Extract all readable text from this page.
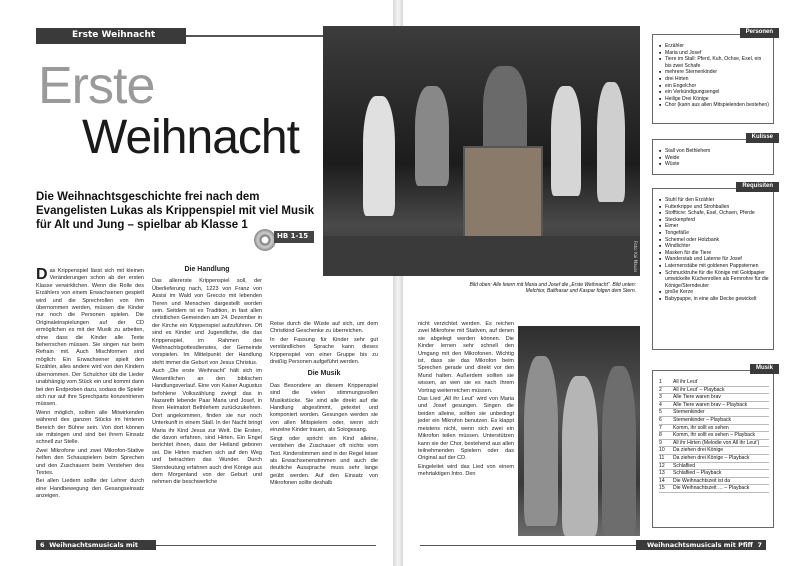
Erste Weihnacht
Erste
Weihnacht
Die Weihnachtsgeschichte frei nach dem Evangelisten Lukas als Krippenspiel mit viel Musik für Alt und Jung – spielbar ab Klasse 1
HB 1-15

Das Krippenspiel lässt sich mit kleinen Veränderungen schon ab der ersten Klasse verwirklichen. Wenn die Rolle des Erzählers von einem Erwachsenen gespielt wird und die Sprechrollen von ihm übernommen werden, müssen die Kinder nur noch die Personen spielen. Die Originaleinspielungen auf der CD ermöglichen es mit der Musik zu arbeiten, ohne dass die Kinder alle Texte beherrschen müssen. Sie singen nur beim Refrain mit. Auch Mischformen sind möglich: Ein Erwachsener spielt den Erzähler, alles andere wird von den Kindern übernommen. Der Schulchor übt die Lieder unabhängig vom Stück ein und kommt dann bei den Endproben dazu, sodass die Spieler sich nur auf ihre Sprechparts konzentrieren müssen.

Wenn möglich, sollten alle Mitwirkenden während des ganzen Stücks im hinteren Bereich der Bühne sein. Von dort können sie mitsingen und sind bei ihrem Einsatz schnell zur Stelle.

Zwei Mikrofone und zwei Mikrofon-Stative helfen den Schauspielern beim Sprechen und den Zuschauern beim Verstehen des Textes.

Bei allen Liedern sollte der Lehrer durch eine Handbewegung den Gesangseinsatz anzeigen.

Die Handlung

Das allererste Krippenspiel soll, der Überlieferung nach, 1223 von Franz von Assisi im Wald von Greccio mit lebenden Tieren und Menschen dargestellt worden sein. Seitdem ist es Tradition, in fast allen christlichen Gemeinden am 24. Dezember in der Kirche ein Krippenspiel aufzuführen. Oft sind es Kinder und Jugendliche, die das Krippenspiel, im Rahmen des Weihnachtsgottesdienstes, der Gemeinde vorspielen. Im Mittelpunkt der Handlung steht immer die Geburt von Jesus Christus.

Auch „Die erste Weihnacht“ hält sich im Wesentlichen an den biblischen Handlungsverlauf. Eine von Kaiser Augustus befohlene Volkszählung zwingt das in Nazareth lebende Paar Maria und Josef, in ihren Heimatort Bethlehem zurückzukehren. Dort angekommen, finden sie nur noch Unterkunft in einem Stall. In der Nacht bringt Maria ihr Kind Jesus zur Welt. Die Ersten, die davon erfahren, sind Hirten. Ein Engel berichtet ihnen, dass der Heiland geboren sei. Die Hirten machen sich auf den Weg und betrachten das Wunder. Durch Sterndeutung erfahren auch drei Könige aus dem Morgenland von der Geburt und nehmen die beschwerliche

Reise durch die Wüste auf sich, um dem Christkind Geschenke zu überreichen.

In der Fassung für Kinder sehr gut verständlichen Sprache kann dieses Krippenspiel von einer Gruppe bis zu dreißig Personen aufgeführt werden.

Die Musik

Das Besondere an diesem Krippenspiel sind die vielen stimmungsvollen Musikstücke. Sie sind alle direkt auf die Handlung abgestimmt, getextet und komponiert worden. Gesungen werden sie von allen Mitspielern oder, wenn sich einzelne Kinder trauen, als Sologesang.

Singt oder spricht ein Kind alleine, verstehen die Zuschauer oft nichts vom Text. Kinderstimmen sind in der Regel leiser als Erwachsenenstimmen und auch die deutliche Aussprache muss sehr lange geübt werden. Auf den Einsatz von Mikrofonen sollte deshalb

6 Weihnachtsmusicals mit Pfiff
Foto: Kai Mauss
Bild oben: Alle feiern mit Maria und Josef die „Erste Weihnacht“. Bild unten: Melchior, Balthasar und Kaspar folgen dem Stern.

nicht verzichtet werden. Es reichen zwei Mikrofone mit Stativen, auf denen sie abgelegt werden können. Die Kinder lernen sehr schnell den Umgang mit den Mikrofonen. Wichtig ist, dass sie das Mikrofon beim Sprechen gerade und direkt vor den Mund halten. Außerdem sollten sie wissen, an wen sie es nach ihrem Vortrag weiterreichen müssen.

Das Lied „All ihr Leut“ wird von Maria und Josef gesungen. Singen die beiden alleine, sollten sie unbedingt jeder ein Mikrofon benutzen. Es klappt meistens nicht, wenn sich zwei ein Mikrofon teilen müssen. Unterstützen kann sie der Chor, bestehend aus allen teilnehmenden Spielern oder das Original auf der CD.

Eingeleitet wird das Lied von einem mehrtaktigen Intro. Den

Personen
■ Erzähler
■ Maria und Josef
■ Tiere im Stall: Pferd, Kuh, Ochse, Esel, ein bis zwei Schafe
■ mehrere Sternenkinder
■ drei Hirten
■ ein Engelchor
■ ein Verkündigungsengel
■ Heilige Drei Könige
■ Chor (kann aus allen Mitspielenden bestehen)
Kulisse
■ Stall von Bethlehem
■ Weide
■ Wüste
Requisiten
■ Stuhl für den Erzähler
■ Futterkrippe und Strohballen
■ Stoffticre: Schafe, Esel, Ochsen, Pferde
■ Steckenpferd
■ Eimer
■ Tongefäße
■ Schemel oder Holzbank
■ Windlichter
■ Masken für die Tiere
■ Wanderstab und Laterne für Josef
■ Laternenstäbe mit goldenen Pappsternen
■ Schmucktruhe für die Könige mit Goldpapier umwickelte Küchenrollen als Fernrohre für die Könige/Sterndeuter
■ große Kerze
■ Babypuppe, in eine alte Decke gewickelt
Musik
1 All ihr Leut‘
2 All ihr Leut‘ – Playback
3 Alle Tiere waren brav
4 Alle Tiere waren brav – Playback
5 Sternenkinder
6 Sternenkinder – Playback
7 Komm, ihr sollt es sehen
8 Komm, ihr sollt es sehen – Playback
9 All ihr Hirten (Melodie von All ihr Leut‘)
10 Da ziehen drei Könige
11 Da ziehen drei Könige – Playback
12 Schlaflied
13 Schlaflied – Playback
14 Die Weihnachtszeit ist da
15 Die Weihnachtszeit … – Playback
Weihnachtsmusicals mit Pfiff 7
